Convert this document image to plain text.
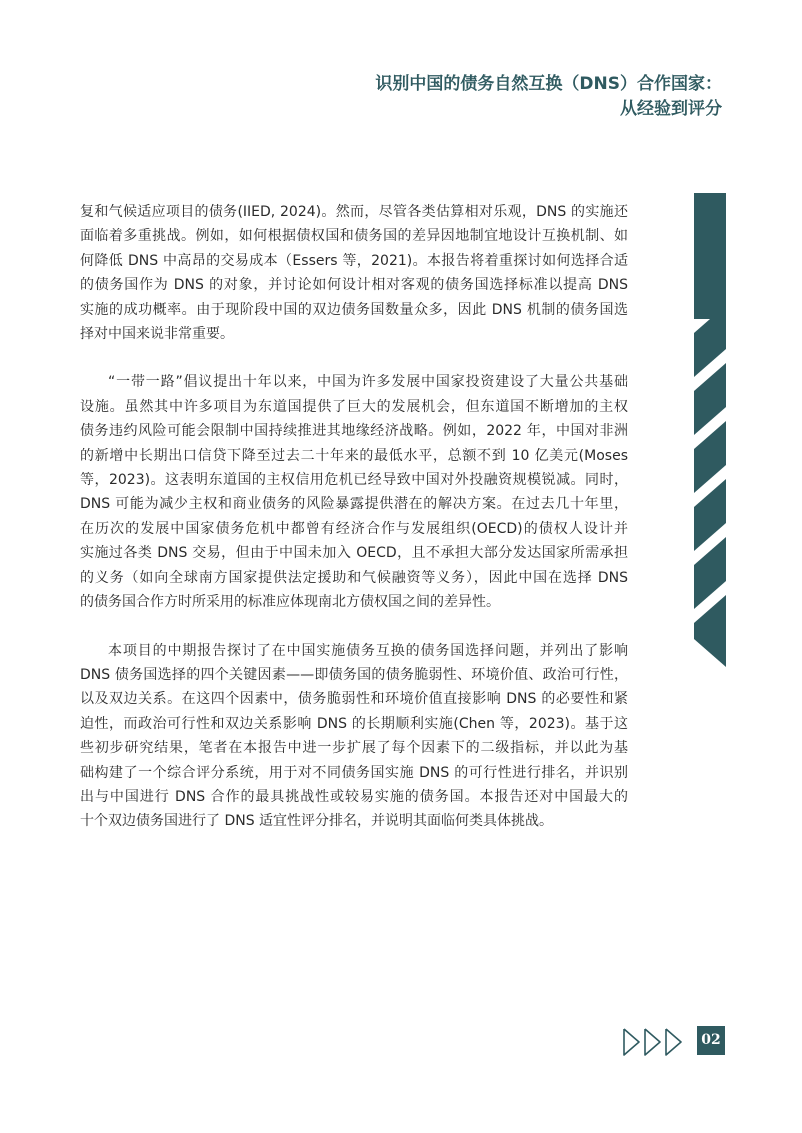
识别中国的债务自然互换（DNS）合作国家：
从经验到评分

复和气候适应项目的债务(IIED, 2024)。然而，尽管各类估算相对乐观，DNS 的实施还
面临着多重挑战。例如，如何根据债权国和债务国的差异因地制宜地设计互换机制、如
何降低 DNS 中高昂的交易成本（Essers 等，2021)。本报告将着重探讨如何选择合适
的债务国作为 DNS 的对象，并讨论如何设计相对客观的债务国选择标准以提高 DNS
实施的成功概率。由于现阶段中国的双边债务国数量众多，因此 DNS 机制的债务国选
择对中国来说非常重要。

“一带一路”倡议提出十年以来，中国为许多发展中国家投资建设了大量公共基础
设施。虽然其中许多项目为东道国提供了巨大的发展机会，但东道国不断增加的主权
债务违约风险可能会限制中国持续推进其地缘经济战略。例如，2022 年，中国对非洲
的新增中长期出口信贷下降至过去二十年来的最低水平，总额不到 10 亿美元(Moses
等，2023)。这表明东道国的主权信用危机已经导致中国对外投融资规模锐减。同时，
DNS 可能为减少主权和商业债务的风险暴露提供潜在的解决方案。在过去几十年里，
在历次的发展中国家债务危机中都曾有经济合作与发展组织(OECD)的债权人设计并
实施过各类 DNS 交易，但由于中国未加入 OECD，且不承担大部分发达国家所需承担
的义务（如向全球南方国家提供法定援助和气候融资等义务），因此中国在选择 DNS
的债务国合作方时所采用的标准应体现南北方债权国之间的差异性。

本项目的中期报告探讨了在中国实施债务互换的债务国选择问题，并列出了影响
DNS 债务国选择的四个关键因素——即债务国的债务脆弱性、环境价值、政治可行性，
以及双边关系。在这四个因素中，债务脆弱性和环境价值直接影响 DNS 的必要性和紧
迫性，而政治可行性和双边关系影响 DNS 的长期顺利实施(Chen 等，2023)。基于这
些初步研究结果，笔者在本报告中进一步扩展了每个因素下的二级指标，并以此为基
础构建了一个综合评分系统，用于对不同债务国实施 DNS 的可行性进行排名，并识别
出与中国进行 DNS 合作的最具挑战性或较易实施的债务国。本报告还对中国最大的
十个双边债务国进行了 DNS 适宜性评分排名，并说明其面临何类具体挑战。

02
